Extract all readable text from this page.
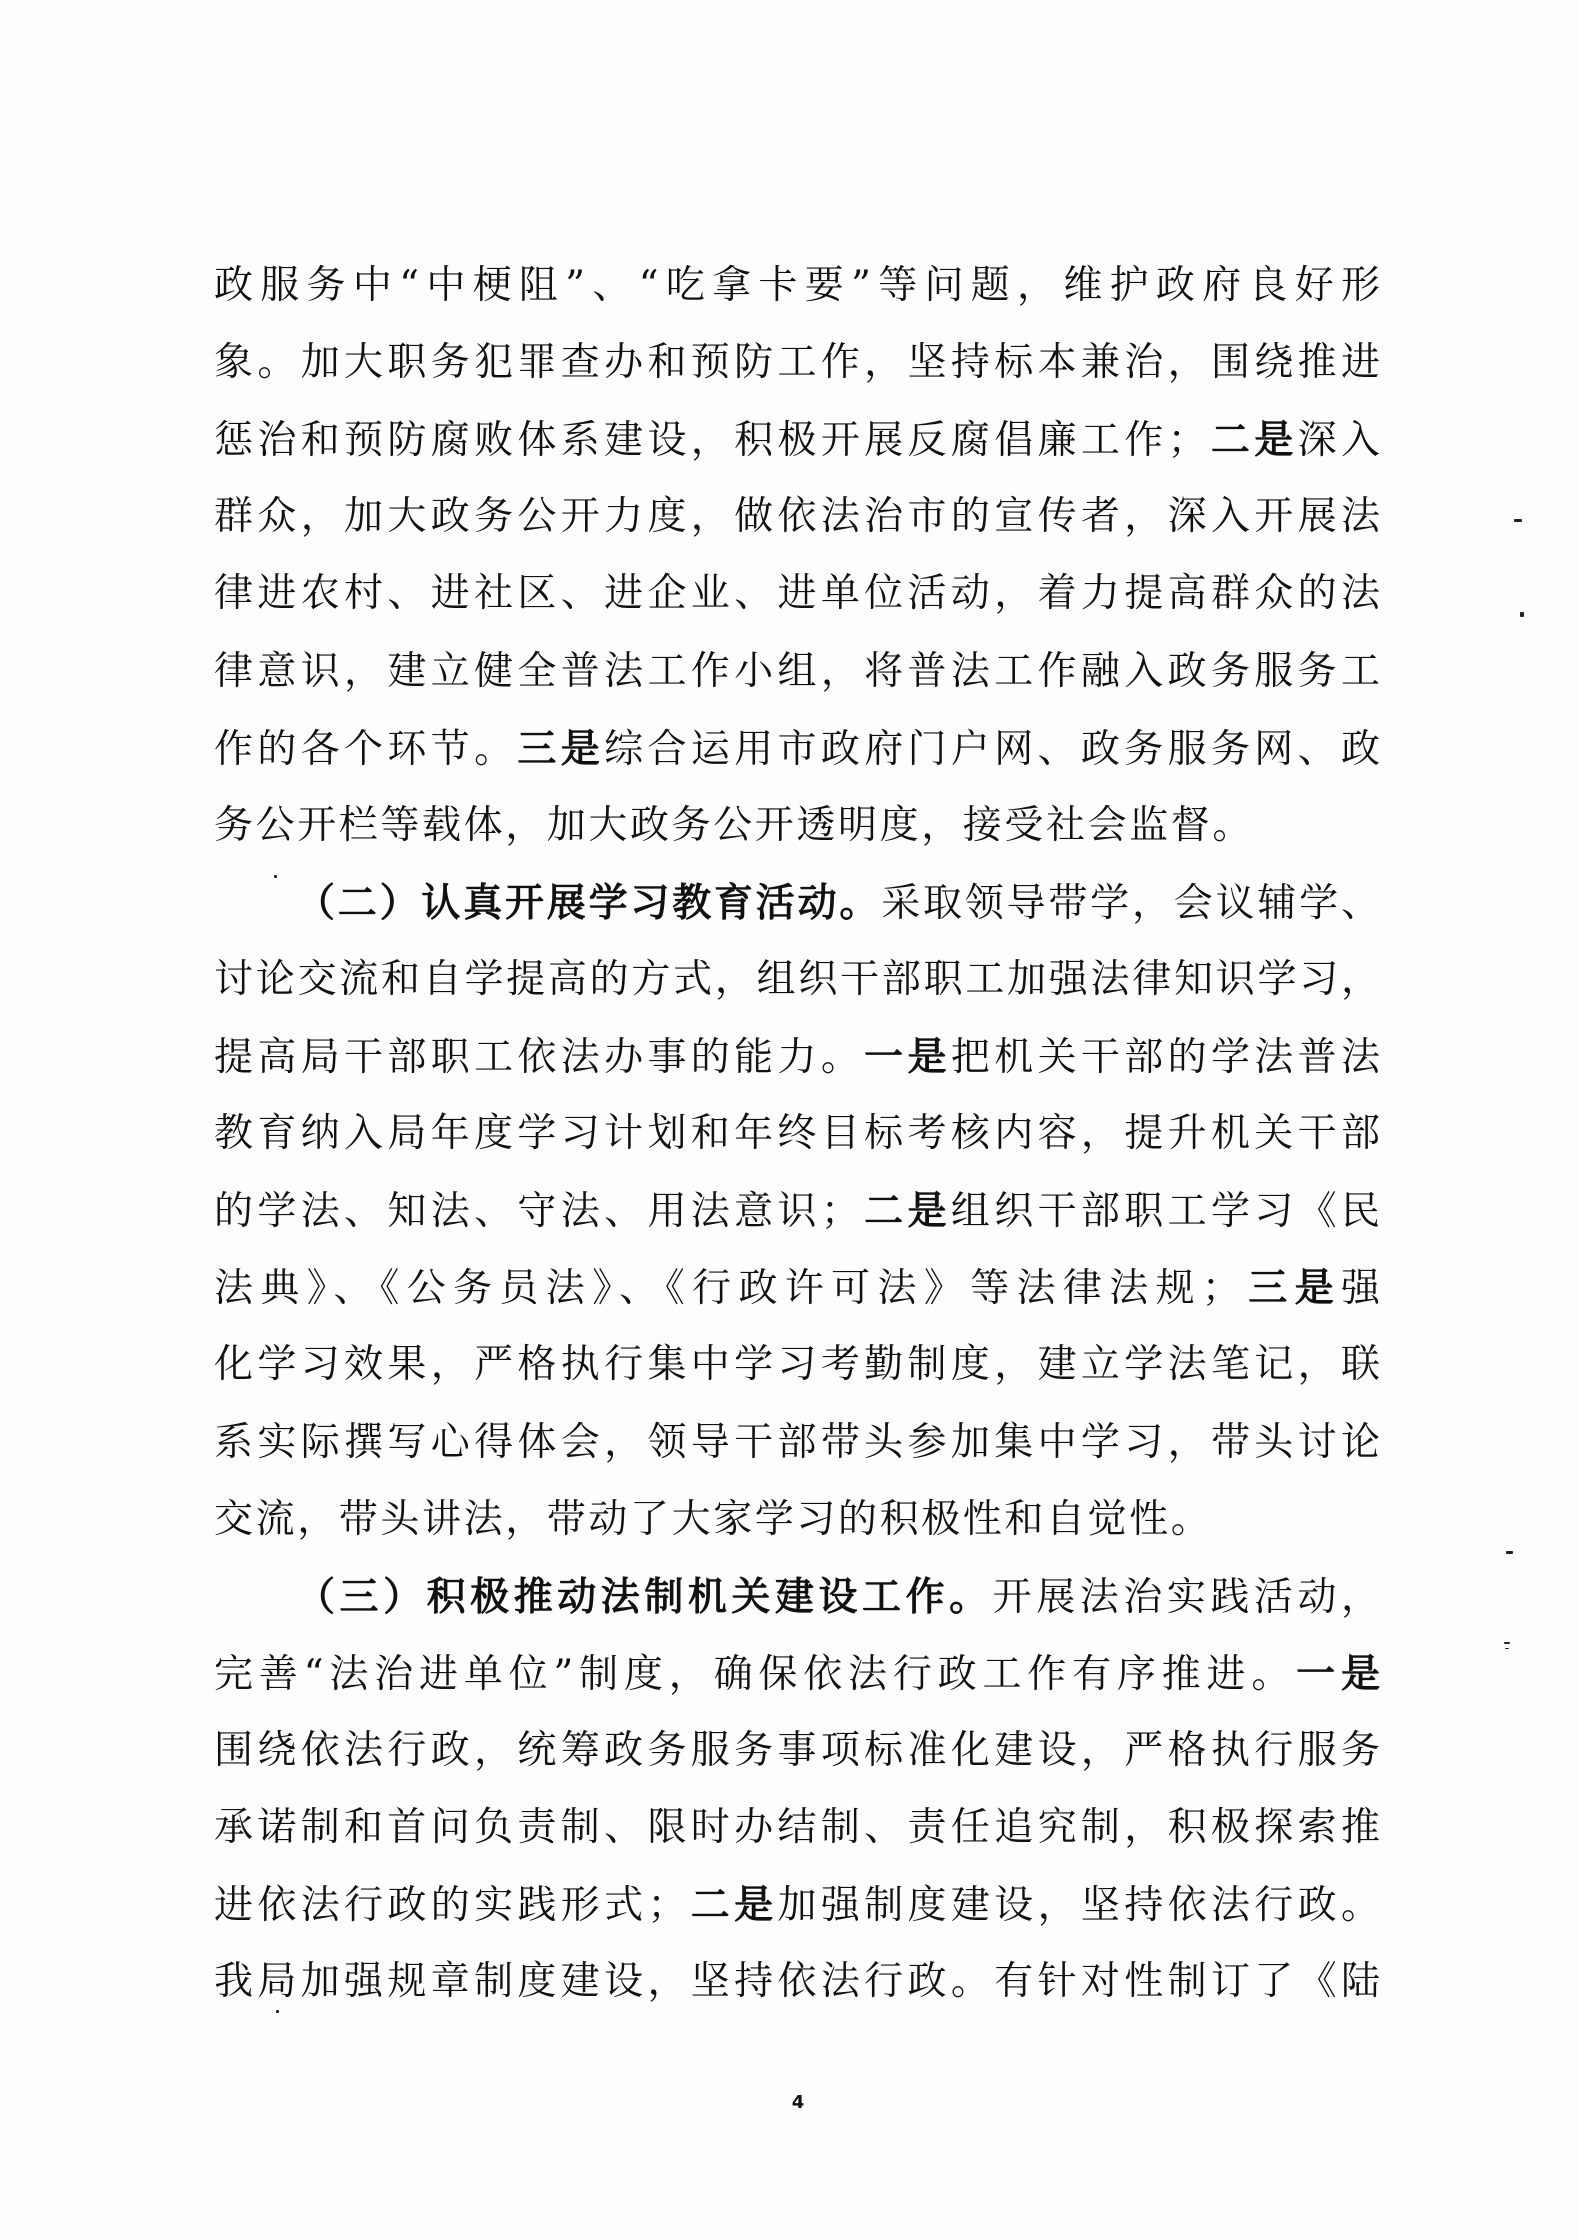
政服务中“中梗阻”、“吃拿卡要”等问题，维护政府良好形
象。加大职务犯罪查办和预防工作，坚持标本兼治，围绕推进
惩治和预防腐败体系建设，积极开展反腐倡廉工作；二是深入
群众，加大政务公开力度，做依法治市的宣传者，深入开展法
律进农村、进社区、进企业、进单位活动，着力提高群众的法
律意识，建立健全普法工作小组，将普法工作融入政务服务工
作的各个环节。三是综合运用市政府门户网、政务服务网、政
务公开栏等载体，加大政务公开透明度，接受社会监督。
（二）认真开展学习教育活动。采取领导带学，会议辅学、
讨论交流和自学提高的方式，组织干部职工加强法律知识学习，
提高局干部职工依法办事的能力。一是把机关干部的学法普法
教育纳入局年度学习计划和年终目标考核内容，提升机关干部
的学法、知法、守法、用法意识；二是组织干部职工学习《民
法典》、《公务员法》、《行政许可法》等法律法规；三是强
化学习效果，严格执行集中学习考勤制度，建立学法笔记，联
系实际撰写心得体会，领导干部带头参加集中学习，带头讨论
交流，带头讲法，带动了大家学习的积极性和自觉性。
（三）积极推动法制机关建设工作。开展法治实践活动，
完善“法治进单位”制度，确保依法行政工作有序推进。一是
围绕依法行政，统筹政务服务事项标准化建设，严格执行服务
承诺制和首问负责制、限时办结制、责任追究制，积极探索推
进依法行政的实践形式；二是加强制度建设，坚持依法行政。
我局加强规章制度建设，坚持依法行政。有针对性制订了《陆
4
